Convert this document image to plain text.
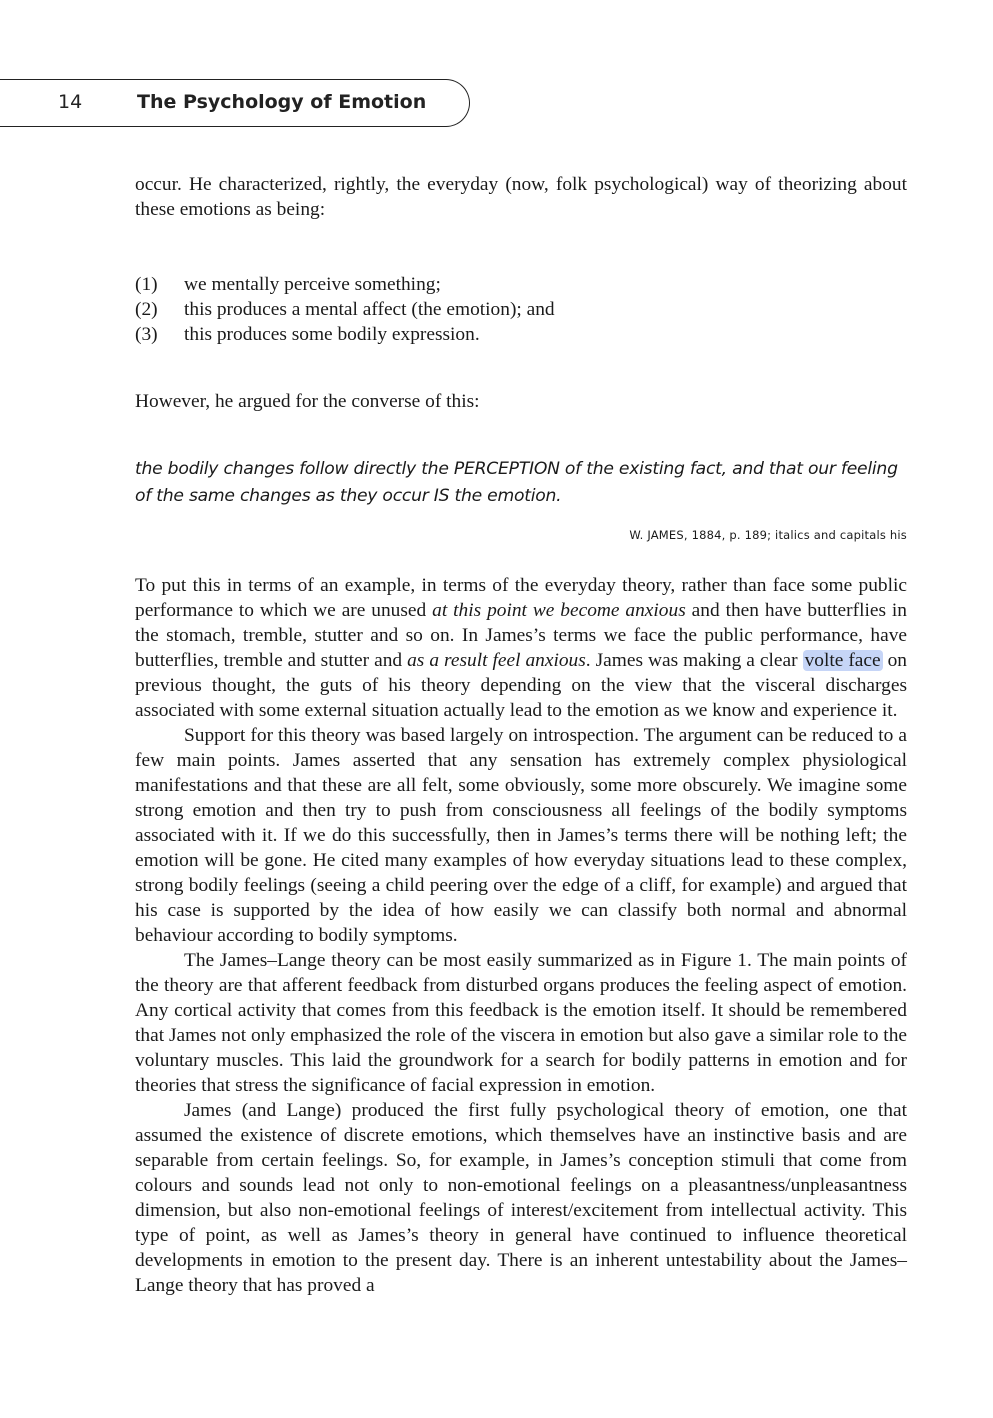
14	The Psychology of Emotion

occur. He characterized, rightly, the everyday (now, folk psychological) way of theorizing about these emotions as being:

(1)	we mentally perceive something;
(2)	this produces a mental affect (the emotion); and
(3)	this produces some bodily expression.

However, he argued for the converse of this:

the bodily changes follow directly the PERCEPTION of the existing fact, and that our feeling of the same changes as they occur IS the emotion.

W. JAMES, 1884, p. 189; italics and capitals his

To put this in terms of an example, in terms of the everyday theory, rather than face some public performance to which we are unused at this point we become anxious and then have butterflies in the stomach, tremble, stutter and so on. In James’s terms we face the public performance, have butterflies, tremble and stutter and as a result feel anxious. James was making a clear volte face on previous thought, the guts of his theory depending on the view that the visceral discharges associated with some external situation actually lead to the emotion as we know and experience it.

Support for this theory was based largely on introspection. The argument can be reduced to a few main points. James asserted that any sensation has extremely complex physiological manifestations and that these are all felt, some obviously, some more obscurely. We imagine some strong emotion and then try to push from consciousness all feelings of the bodily symptoms associated with it. If we do this successfully, then in James’s terms there will be nothing left; the emotion will be gone. He cited many examples of how everyday situations lead to these complex, strong bodily feelings (seeing a child peering over the edge of a cliff, for example) and argued that his case is supported by the idea of how easily we can classify both normal and abnormal behaviour according to bodily symptoms.

The James–Lange theory can be most easily summarized as in Figure 1. The main points of the theory are that afferent feedback from disturbed organs produces the feeling aspect of emotion. Any cortical activity that comes from this feedback is the emotion itself. It should be remembered that James not only emphasized the role of the viscera in emotion but also gave a similar role to the voluntary muscles. This laid the groundwork for a search for bodily patterns in emotion and for theories that stress the significance of facial expression in emotion.

James (and Lange) produced the first fully psychological theory of emotion, one that assumed the existence of discrete emotions, which themselves have an instinctive basis and are separable from certain feelings. So, for example, in James’s conception stimuli that come from colours and sounds lead not only to non-emotional feelings on a pleasantness/unpleasantness dimension, but also non-emotional feelings of interest/excitement from intellectual activity. This type of point, as well as James’s theory in general have continued to influence theoretical developments in emotion to the present day. There is an inherent untestability about the James–Lange theory that has proved a
